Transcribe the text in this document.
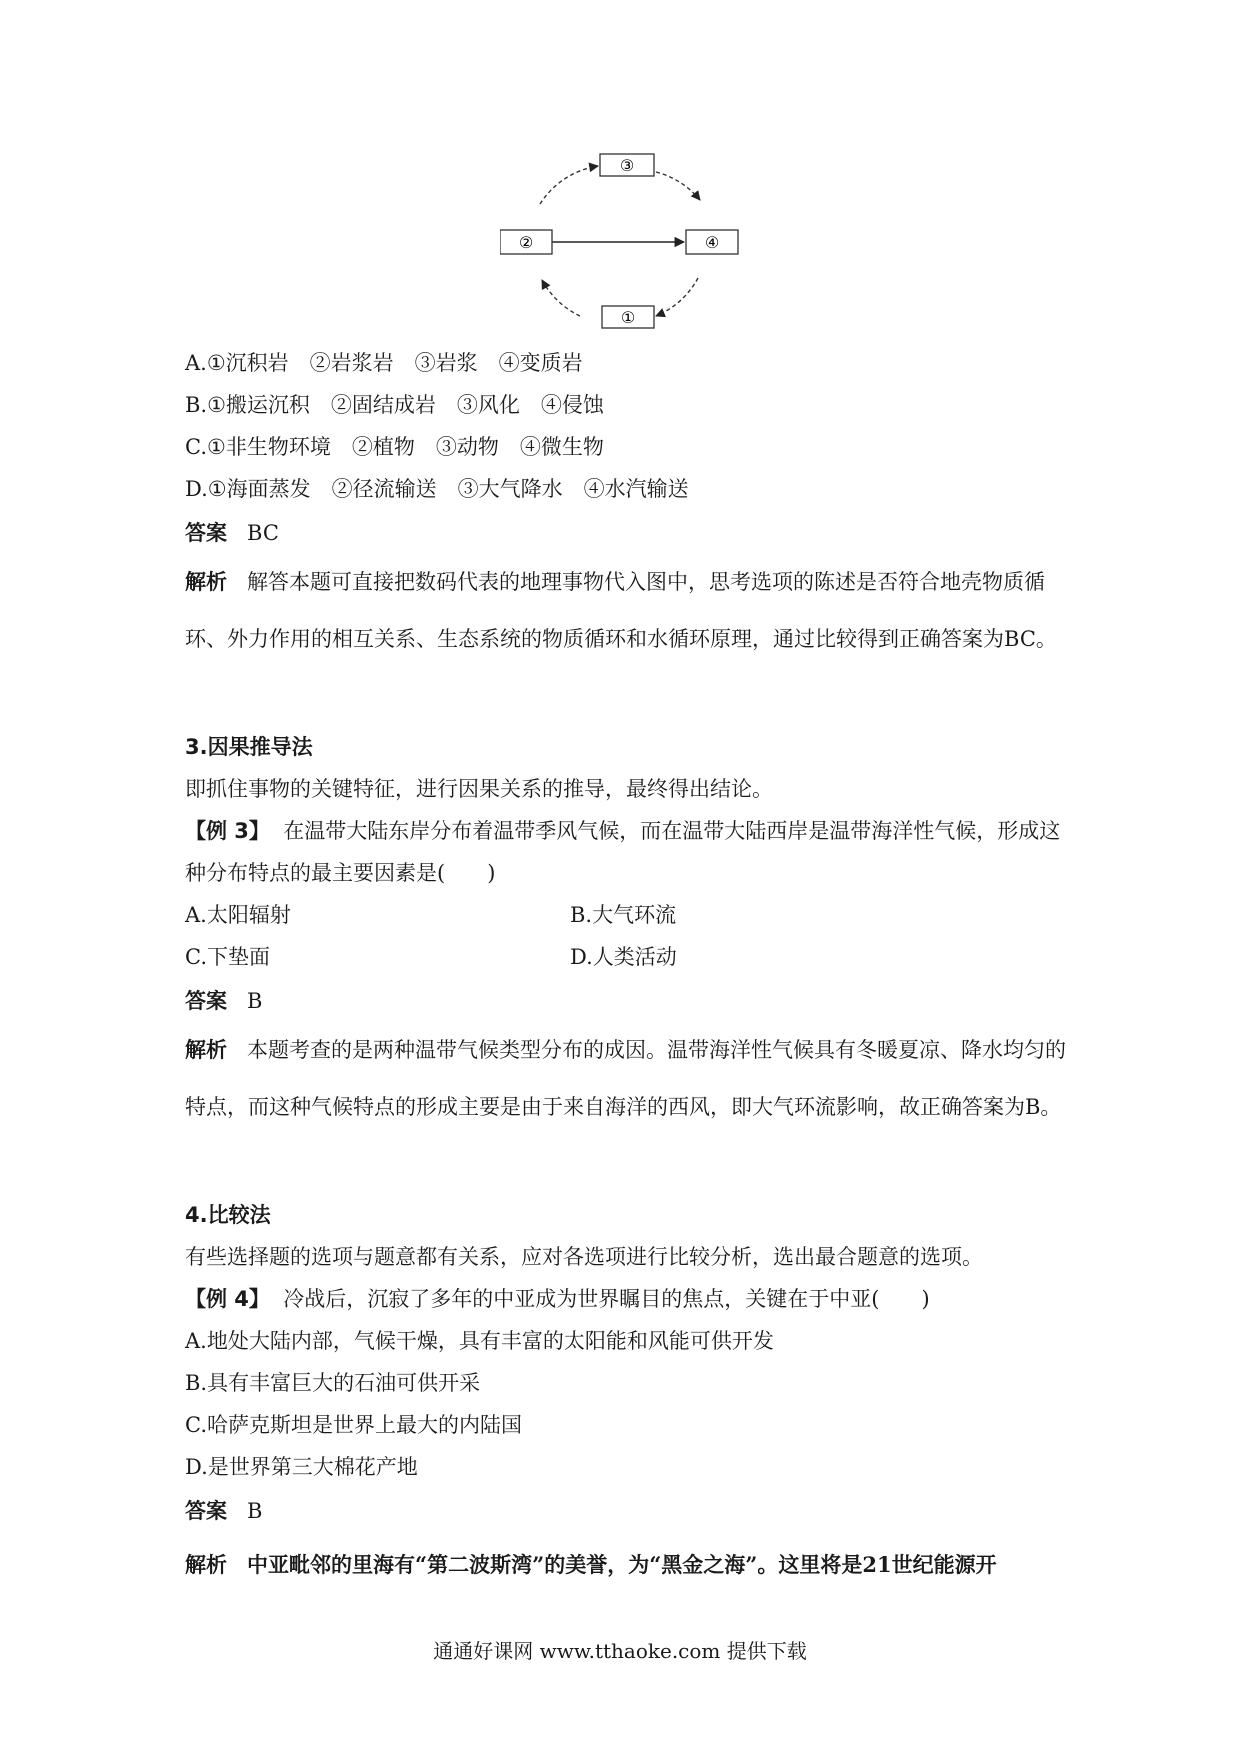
③
②	④
①
A.①沉积岩　②岩浆岩　③岩浆　④变质岩
B.①搬运沉积　②固结成岩　③风化　④侵蚀
C.①非生物环境　②植物　③动物　④微生物
D.①海面蒸发　②径流输送　③大气降水　④水汽输送
答案 BC
解析 解答本题可直接把数码代表的地理事物代入图中，思考选项的陈述是否符合地壳物质循环、外力作用的相互关系、生态系统的物质循环和水循环原理，通过比较得到正确答案为BC。
3.因果推导法
即抓住事物的关键特征，进行因果关系的推导，最终得出结论。
【例 3】 在温带大陆东岸分布着温带季风气候，而在温带大陆西岸是温带海洋性气候，形成这
种分布特点的最主要因素是(　　)
A.太阳辐射	B.大气环流
C.下垫面	D.人类活动
答案 B
解析 本题考查的是两种温带气候类型分布的成因。温带海洋性气候具有冬暖夏凉、降水均匀的特点，而这种气候特点的形成主要是由于来自海洋的西风，即大气环流影响，故正确答案为B。
4.比较法
有些选择题的选项与题意都有关系，应对各选项进行比较分析，选出最合题意的选项。
【例 4】 冷战后，沉寂了多年的中亚成为世界瞩目的焦点，关键在于中亚(　　)
A.地处大陆内部，气候干燥，具有丰富的太阳能和风能可供开发
B.具有丰富巨大的石油可供开采
C.哈萨克斯坦是世界上最大的内陆国
D.是世界第三大棉花产地
答案 B
解析 中亚毗邻的里海有“第二波斯湾”的美誉，为“黑金之海”。这里将是21世纪能源开
通通好课网 www.tthaoke.com 提供下载
